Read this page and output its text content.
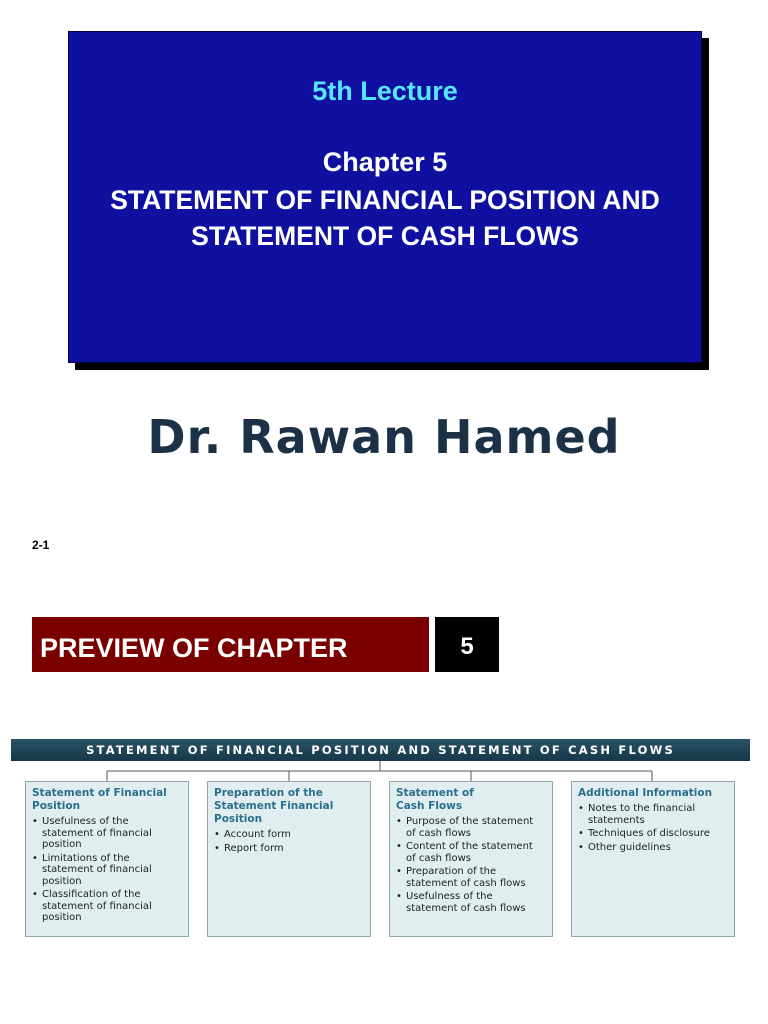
5th Lecture
Chapter 5
STATEMENT OF FINANCIAL POSITION AND
STATEMENT OF CASH FLOWS
Dr. Rawan Hamed
2-1
PREVIEW OF CHAPTER	5
STATEMENT OF FINANCIAL POSITION AND STATEMENT OF CASH FLOWS
Statement of Financial
Position
• Usefulness of the
statement of financial
position
• Limitations of the
statement of financial
position
• Classification of the
statement of financial
position
Preparation of the
Statement Financial
Position
• Account form
• Report form
Statement of
Cash Flows
• Purpose of the statement
of cash flows
• Content of the statement
of cash flows
• Preparation of the
statement of cash flows
• Usefulness of the
statement of cash flows
Additional Information
• Notes to the financial
statements
• Techniques of disclosure
• Other guidelines
